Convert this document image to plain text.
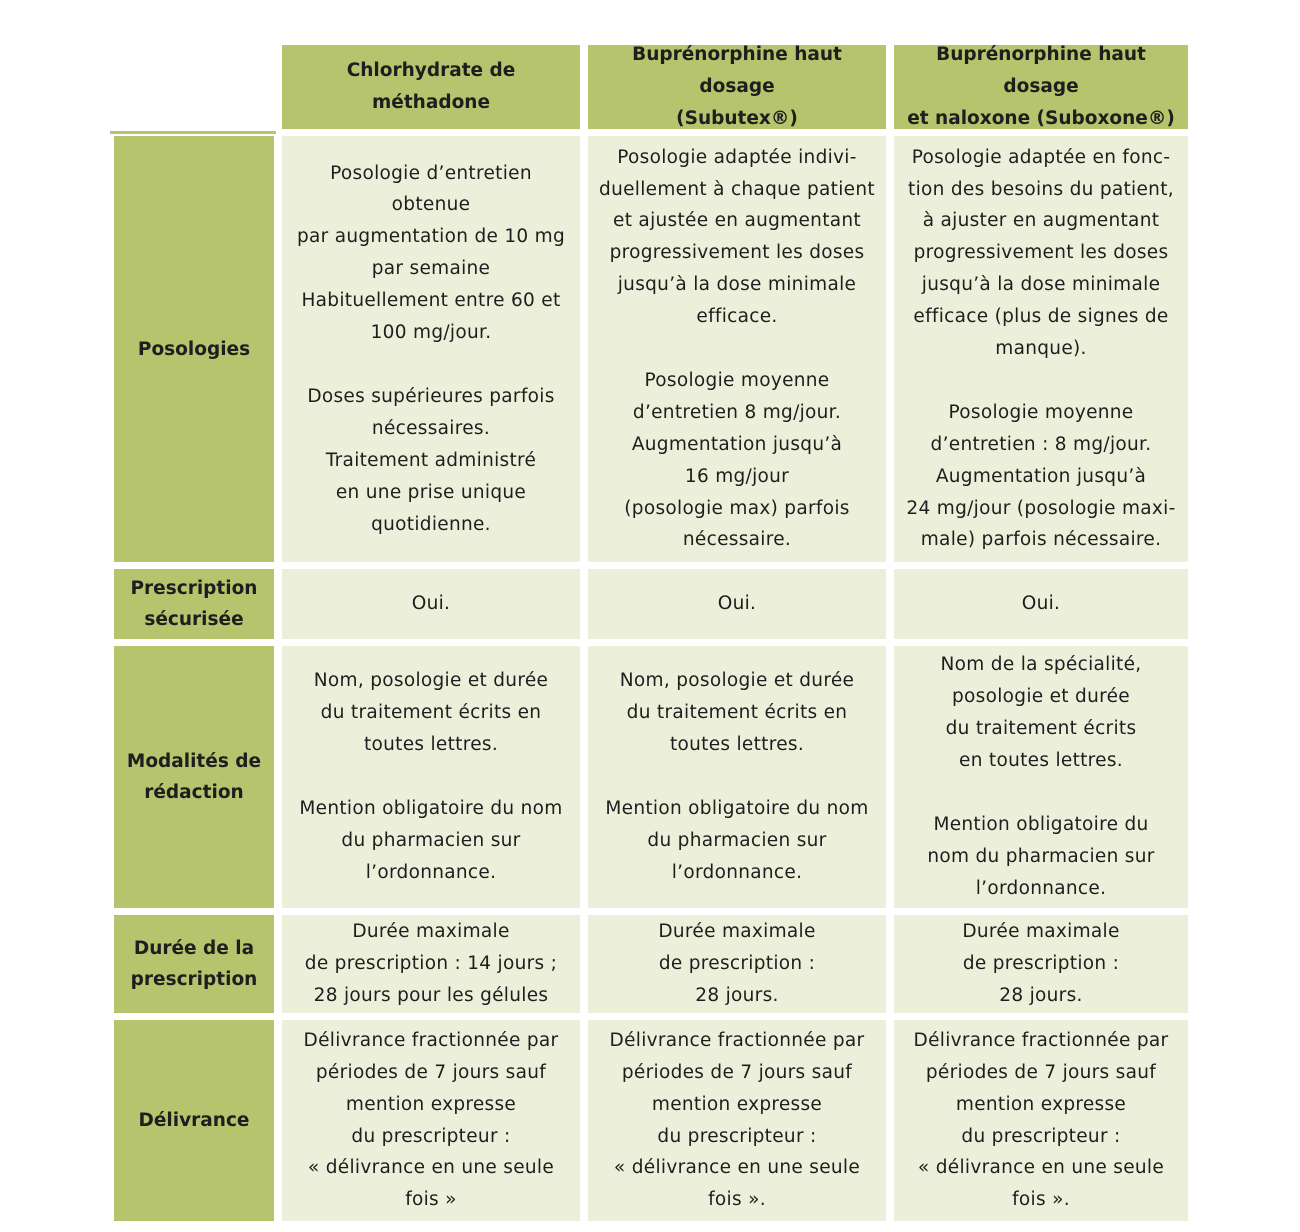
Chlorhydrate de méthadone
Buprénorphine haut dosage
(Subutex®)
Buprénorphine haut dosage
et naloxone (Suboxone®)
Posologies
Posologie d’entretien
obtenue
par augmentation de 10 mg
par semaine
Habituellement entre 60 et
100 mg/jour.

Doses supérieures parfois
nécessaires.
Traitement administré
en une prise unique
quotidienne.
Posologie adaptée indivi-
duellement à chaque patient
et ajustée en augmentant
progressivement les doses
jusqu’à la dose minimale
efficace.

Posologie moyenne
d’entretien 8 mg/jour.
Augmentation jusqu’à
16 mg/jour
(posologie max) parfois
nécessaire.
Posologie adaptée en fonc-
tion des besoins du patient,
à ajuster en augmentant
progressivement les doses
jusqu’à la dose minimale
efficace (plus de signes de
manque).

Posologie moyenne
d’entretien : 8 mg/jour.
Augmentation jusqu’à
24 mg/jour (posologie maxi-
male) parfois nécessaire.
Prescription
sécurisée
Oui.	Oui.	Oui.
Modalités de
rédaction
Nom, posologie et durée
du traitement écrits en
toutes lettres.

Mention obligatoire du nom
du pharmacien sur
l’ordonnance.
Nom, posologie et durée
du traitement écrits en
toutes lettres.

Mention obligatoire du nom
du pharmacien sur
l’ordonnance.
Nom de la spécialité,
posologie et durée
du traitement écrits
en toutes lettres.

Mention obligatoire du
nom du pharmacien sur
l’ordonnance.
Durée de la
prescription
Durée maximale
de prescription : 14 jours ;
28 jours pour les gélules
Durée maximale
de prescription :
28 jours.
Durée maximale
de prescription :
28 jours.
Délivrance
Délivrance fractionnée par
périodes de 7 jours sauf
mention expresse
du prescripteur :
« délivrance en une seule
fois »
Délivrance fractionnée par
périodes de 7 jours sauf
mention expresse
du prescripteur :
« délivrance en une seule
fois ».
Délivrance fractionnée par
périodes de 7 jours sauf
mention expresse
du prescripteur :
« délivrance en une seule
fois ».
